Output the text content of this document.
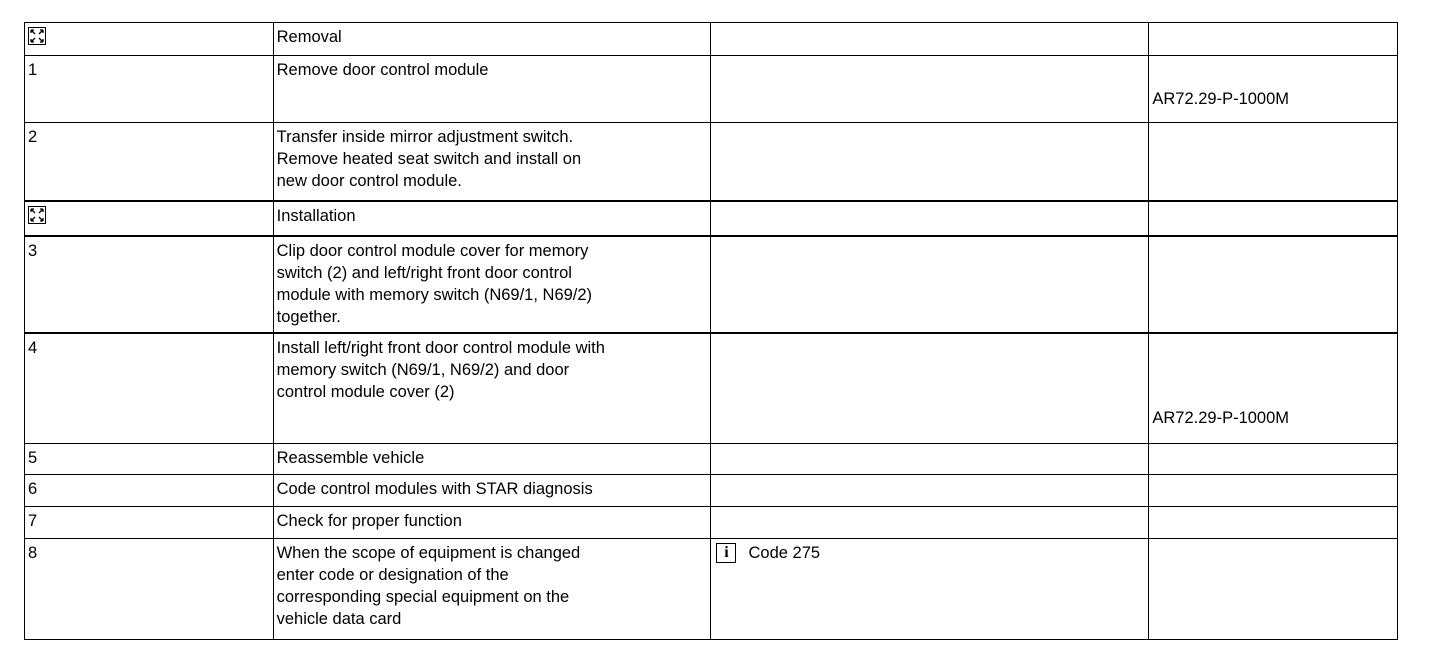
	Removal		
1	Remove door control module		AR72.29-P-1000M

2	Transfer inside mirror adjustment switch.
Remove heated seat switch and install on
new door control module.		

	Installation		
3	Clip door control module cover for memory
switch (2) and left/right front door control
module with memory switch (N69/1, N69/2)
together.		
4	Install left/right front door control module with
memory switch (N69/1, N69/2) and door
control module cover (2)		AR72.29-P-1000M

5	Reassemble vehicle		
6	Code control modules with STAR diagnosis		
7	Check for proper function		
8	When the scope of equipment is changed
enter code or designation of the
corresponding special equipment on the
vehicle data card	i Code 275	
